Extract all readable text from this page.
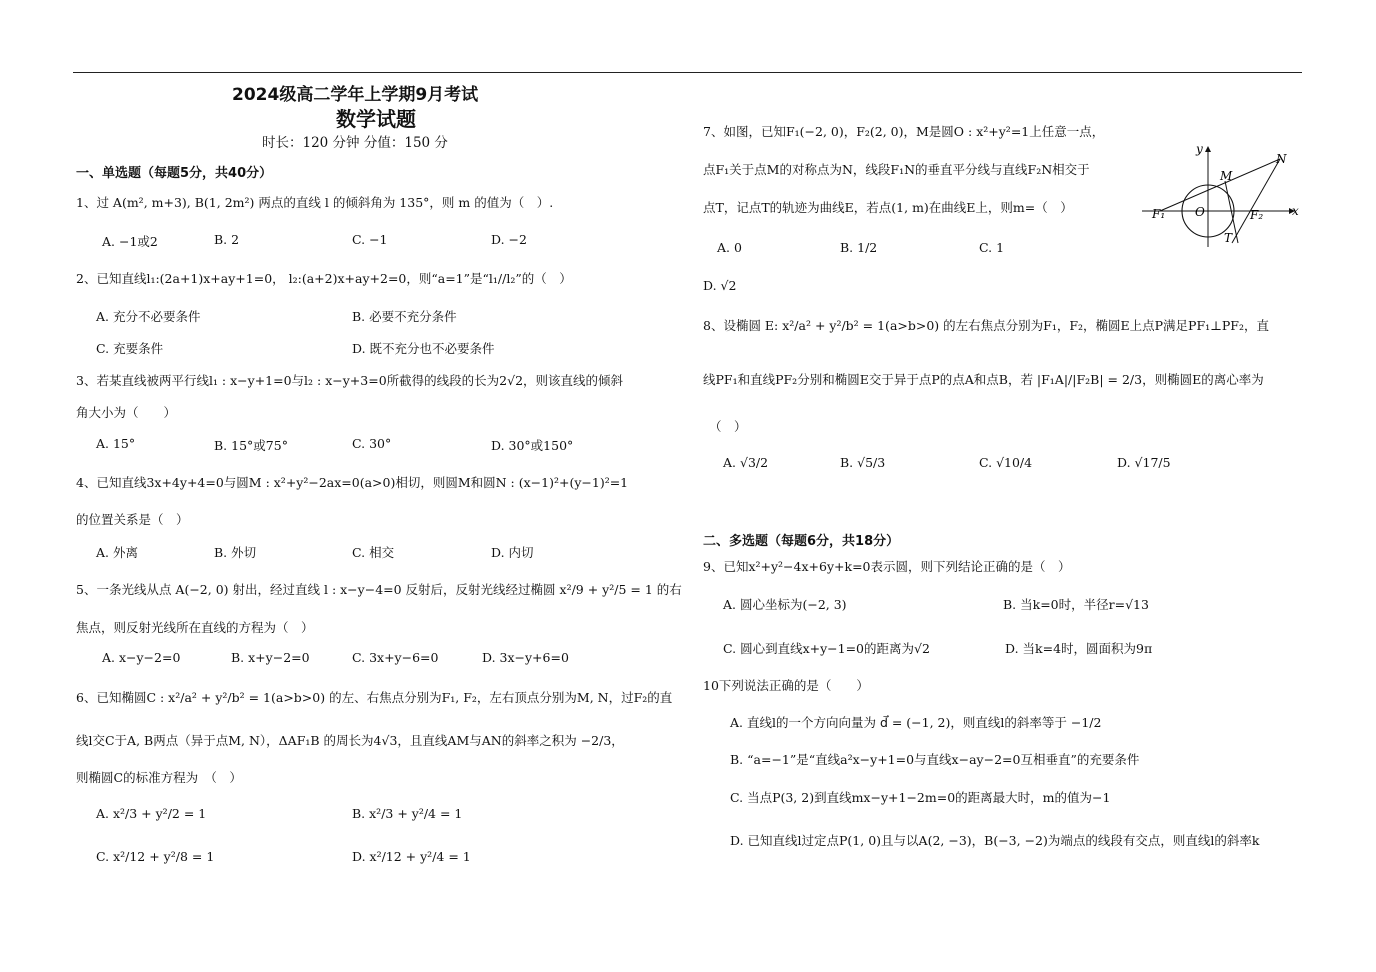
2024级高二学年上学期9月考试
数学试题
时长：120 分钟 分值：150 分
一、单选题（每题5分，共40分）
1、过 A(m², m+3), B(1, 2m²) 两点的直线 l 的倾斜角为 135°，则 m 的值为（　）.
A. −1或2	B. 2	C. −1	D. −2
2、已知直线l₁:(2a+1)x+ay+1=0， l₂:(a+2)x+ay+2=0，则“a=1”是“l₁//l₂”的（　）
A. 充分不必要条件	B. 必要不充分条件
C. 充要条件	D. 既不充分也不必要条件
3、若某直线被两平行线l₁ : x−y+1=0与l₂ : x−y+3=0所截得的线段的长为2√2，则该直线的倾斜
角大小为（　　）
A. 15°	B. 15°或75°	C. 30°	D. 30°或150°
4、已知直线3x+4y+4=0与圆M : x²+y²−2ax=0(a>0)相切，则圆M和圆N : (x−1)²+(y−1)²=1
的位置关系是（　）
A. 外离	B. 外切	C. 相交	D. 内切
5、一条光线从点 A(−2, 0) 射出，经过直线 l : x−y−4=0 反射后，反射光线经过椭圆 x²/9 + y²/5 = 1 的右
焦点，则反射光线所在直线的方程为（　）
A. x−y−2=0	B. x+y−2=0	C. 3x+y−6=0	D. 3x−y+6=0
6、已知椭圆C : x²/a² + y²/b² = 1(a>b>0) 的左、右焦点分别为F₁, F₂，左右顶点分别为M, N，过F₂的直
线l交C于A, B两点（异于点M, N），ΔAF₁B 的周长为4√3，且直线AM与AN的斜率之积为 −2/3，
则椭圆C的标准方程为　（　）
A. x²/3 + y²/2 = 1	B. x²/3 + y²/4 = 1
C. x²/12 + y²/8 = 1	D. x²/12 + y²/4 = 1
7、如图，已知F₁(−2, 0)，F₂(2, 0)，M是圆O : x²+y²=1上任意一点，
点F₁关于点M的对称点为N，线段F₁N的垂直平分线与直线F₂N相交于
点T，记点T的轨迹为曲线E，若点(1, m)在曲线E上，则m=（　）
A. 0	B. 1/2	C. 1
D. √2
y
x
M
N
O
F₁	F₂
T
8、设椭圆 E: x²/a² + y²/b² = 1(a>b>0) 的左右焦点分别为F₁，F₂，椭圆E上点P满足PF₁⊥PF₂，直
线PF₁和直线PF₂分别和椭圆E交于异于点P的点A和点B，若 |F₁A|/|F₂B| = 2/3，则椭圆E的离心率为
（　）
A. √3/2	B. √5/3	C. √10/4	D. √17/5
二、多选题（每题6分，共18分）
9、已知x²+y²−4x+6y+k=0表示圆，则下列结论正确的是（　）
A. 圆心坐标为(−2, 3)	B. 当k=0时，半径r=√13
C. 圆心到直线x+y−1=0的距离为√2	D. 当k=4时，圆面积为9π
10下列说法正确的是（　　）
A. 直线l的一个方向向量为 d⃗ = (−1, 2)，则直线l的斜率等于 −1/2
B. “a=−1”是“直线a²x−y+1=0与直线x−ay−2=0互相垂直”的充要条件
C. 当点P(3, 2)到直线mx−y+1−2m=0的距离最大时，m的值为−1
D. 已知直线l过定点P(1, 0)且与以A(2, −3)，B(−3, −2)为端点的线段有交点，则直线l的斜率k
